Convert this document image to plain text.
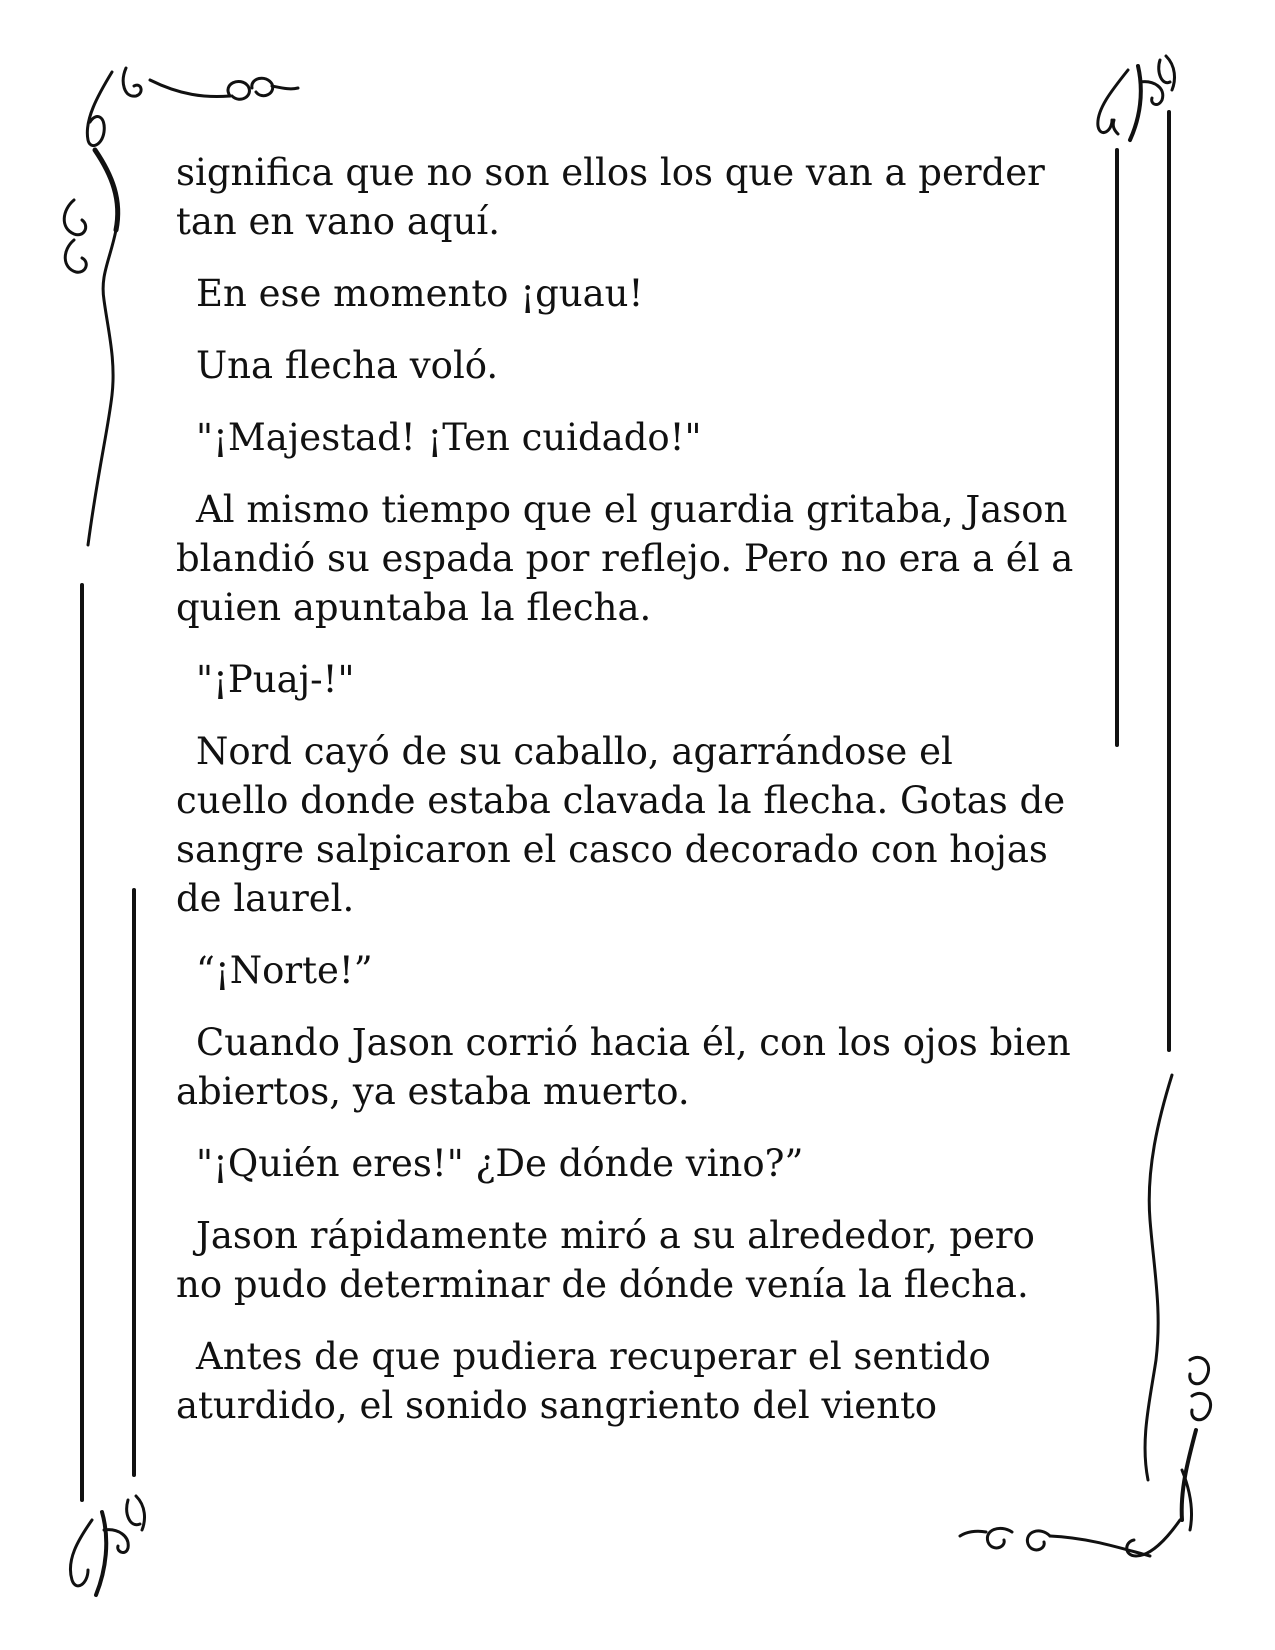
significa que no son ellos los que van a perder tan en vano aquí.

En ese momento ¡guau!

Una flecha voló.

"¡Majestad! ¡Ten cuidado!"

Al mismo tiempo que el guardia gritaba, Jason blandió su espada por reflejo. Pero no era a él a quien apuntaba la flecha.

"¡Puaj-!"

Nord cayó de su caballo, agarrándose el cuello donde estaba clavada la flecha. Gotas de sangre salpicaron el casco decorado con hojas de laurel.

“¡Norte!”

Cuando Jason corrió hacia él, con los ojos bien abiertos, ya estaba muerto.

"¡Quién eres!" ¿De dónde vino?”

Jason rápidamente miró a su alrededor, pero no pudo determinar de dónde venía la flecha.

Antes de que pudiera recuperar el sentido aturdido, el sonido sangriento del viento
